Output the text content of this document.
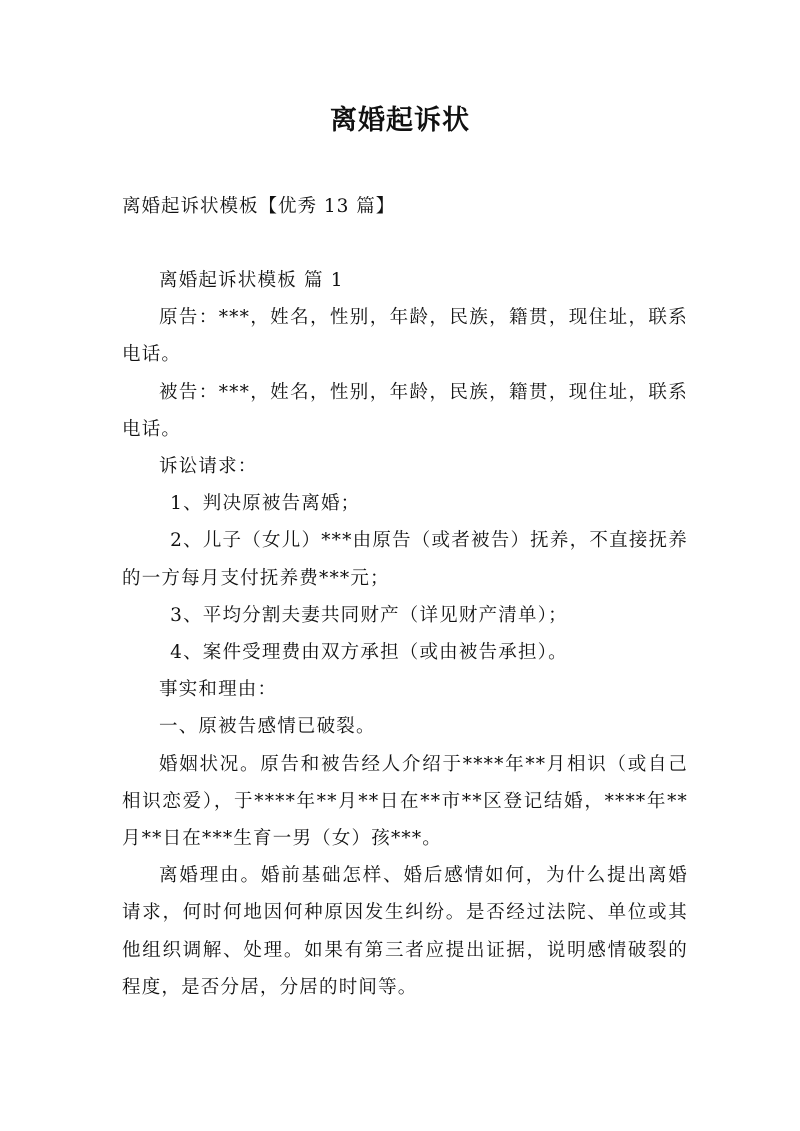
离婚起诉状
离婚起诉状模板【优秀 13 篇】

离婚起诉状模板 篇 1

原告：***，姓名，性别，年龄，民族，籍贯，现住址，联系电话。

被告：***，姓名，性别，年龄，民族，籍贯，现住址，联系电话。

诉讼请求：

1、判决原被告离婚；

2、儿子（女儿）***由原告（或者被告）抚养，不直接抚养的一方每月支付抚养费***元；

3、平均分割夫妻共同财产（详见财产清单）；

4、案件受理费由双方承担（或由被告承担）。

事实和理由：

一、原被告感情已破裂。

婚姻状况。原告和被告经人介绍于****年**月相识（或自己相识恋爱），于****年**月**日在**市**区登记结婚，****年**月**日在***生育一男（女）孩***。

离婚理由。婚前基础怎样、婚后感情如何，为什么提出离婚请求，何时何地因何种原因发生纠纷。是否经过法院、单位或其他组织调解、处理。如果有第三者应提出证据，说明感情破裂的程度，是否分居，分居的时间等。
